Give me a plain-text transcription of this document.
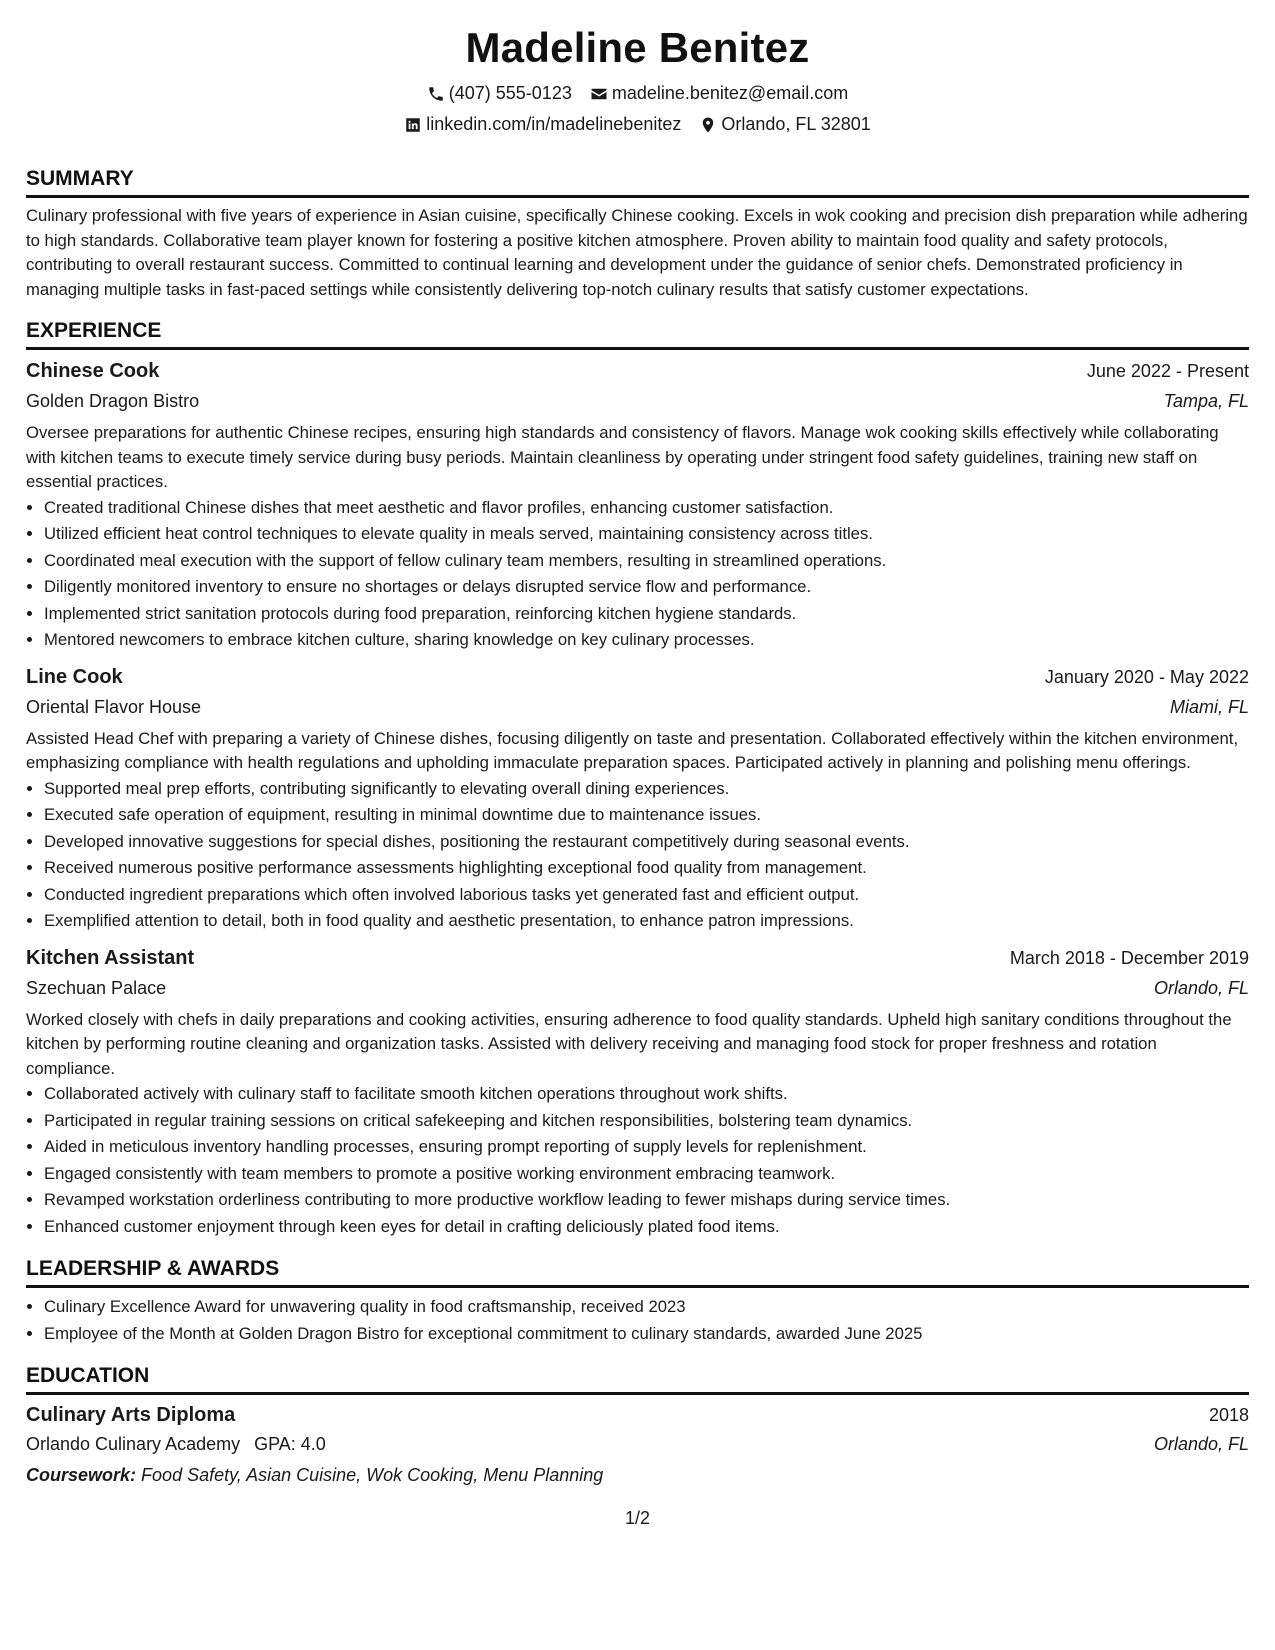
Madeline Benitez
(407) 555-0123 madeline.benitez@email.com
linkedin.com/in/madelinebenitez Orlando, FL 32801
SUMMARY

Culinary professional with five years of experience in Asian cuisine, specifically Chinese cooking. Excels in wok cooking and precision dish preparation while adhering to high standards. Collaborative team player known for fostering a positive kitchen atmosphere. Proven ability to maintain food quality and safety protocols, contributing to overall restaurant success. Committed to continual learning and development under the guidance of senior chefs. Demonstrated proficiency in managing multiple tasks in fast-paced settings while consistently delivering top-notch culinary results that satisfy customer expectations.

EXPERIENCE
Chinese Cook	June 2022 - Present
Golden Dragon Bistro	Tampa, FL

Oversee preparations for authentic Chinese recipes, ensuring high standards and consistency of flavors. Manage wok cooking skills effectively while collaborating with kitchen teams to execute timely service during busy periods. Maintain cleanliness by operating under stringent food safety guidelines, training new staff on essential practices.

• Created traditional Chinese dishes that meet aesthetic and flavor profiles, enhancing customer satisfaction.
• Utilized efficient heat control techniques to elevate quality in meals served, maintaining consistency across titles.
• Coordinated meal execution with the support of fellow culinary team members, resulting in streamlined operations.
• Diligently monitored inventory to ensure no shortages or delays disrupted service flow and performance.
• Implemented strict sanitation protocols during food preparation, reinforcing kitchen hygiene standards.
• Mentored newcomers to embrace kitchen culture, sharing knowledge on key culinary processes.
Line Cook	January 2020 - May 2022
Oriental Flavor House	Miami, FL

Assisted Head Chef with preparing a variety of Chinese dishes, focusing diligently on taste and presentation. Collaborated effectively within the kitchen environment, emphasizing compliance with health regulations and upholding immaculate preparation spaces. Participated actively in planning and polishing menu offerings.

• Supported meal prep efforts, contributing significantly to elevating overall dining experiences.
• Executed safe operation of equipment, resulting in minimal downtime due to maintenance issues.
• Developed innovative suggestions for special dishes, positioning the restaurant competitively during seasonal events.
• Received numerous positive performance assessments highlighting exceptional food quality from management.
• Conducted ingredient preparations which often involved laborious tasks yet generated fast and efficient output.
• Exemplified attention to detail, both in food quality and aesthetic presentation, to enhance patron impressions.
Kitchen Assistant	March 2018 - December 2019
Szechuan Palace	Orlando, FL

Worked closely with chefs in daily preparations and cooking activities, ensuring adherence to food quality standards. Upheld high sanitary conditions throughout the kitchen by performing routine cleaning and organization tasks. Assisted with delivery receiving and managing food stock for proper freshness and rotation compliance.

• Collaborated actively with culinary staff to facilitate smooth kitchen operations throughout work shifts.
• Participated in regular training sessions on critical safekeeping and kitchen responsibilities, bolstering team dynamics.
• Aided in meticulous inventory handling processes, ensuring prompt reporting of supply levels for replenishment.
• Engaged consistently with team members to promote a positive working environment embracing teamwork.
• Revamped workstation orderliness contributing to more productive workflow leading to fewer mishaps during service times.
• Enhanced customer enjoyment through keen eyes for detail in crafting deliciously plated food items.
LEADERSHIP & AWARDS
• Culinary Excellence Award for unwavering quality in food craftsmanship, received 2023
• Employee of the Month at Golden Dragon Bistro for exceptional commitment to culinary standards, awarded June 2025
EDUCATION
Culinary Arts Diploma	2018
Orlando Culinary Academy GPA: 4.0	Orlando, FL
Coursework: Food Safety, Asian Cuisine, Wok Cooking, Menu Planning
1/2
